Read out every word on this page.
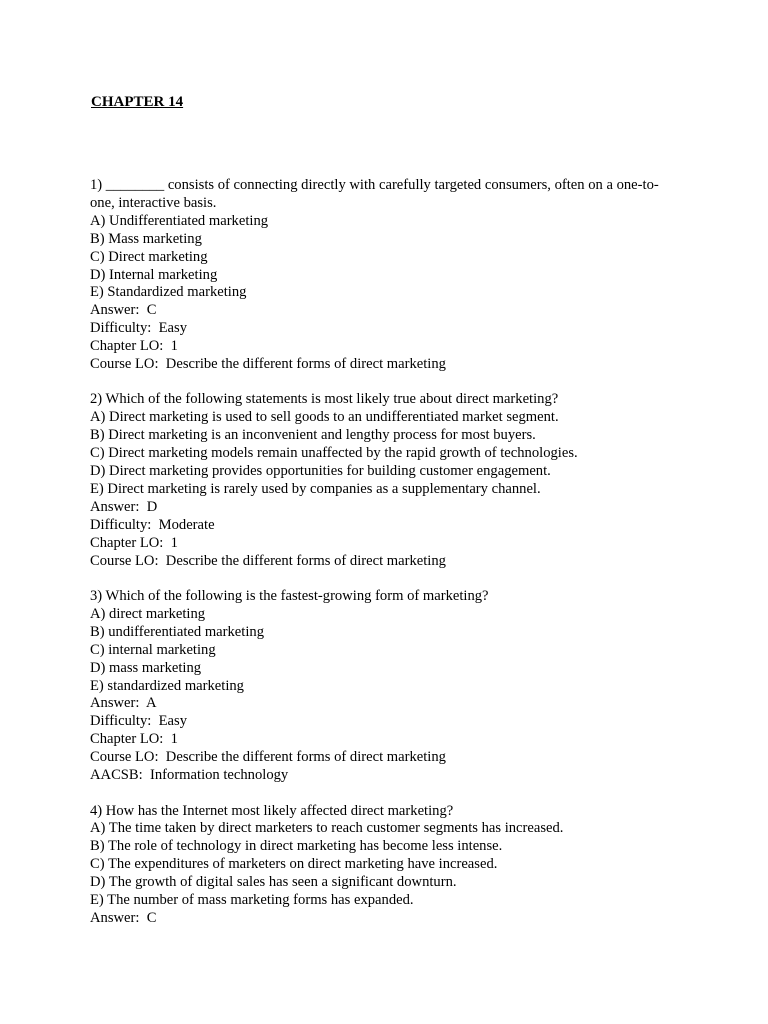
CHAPTER 14

1) ________ consists of connecting directly with carefully targeted consumers, often on a one-to-
one, interactive basis.
A) Undifferentiated marketing
B) Mass marketing
C) Direct marketing
D) Internal marketing
E) Standardized marketing
Answer:  C
Difficulty:  Easy
Chapter LO:  1
Course LO:  Describe the different forms of direct marketing
2) Which of the following statements is most likely true about direct marketing?
A) Direct marketing is used to sell goods to an undifferentiated market segment.
B) Direct marketing is an inconvenient and lengthy process for most buyers.
C) Direct marketing models remain unaffected by the rapid growth of technologies.
D) Direct marketing provides opportunities for building customer engagement.
E) Direct marketing is rarely used by companies as a supplementary channel.
Answer:  D
Difficulty:  Moderate
Chapter LO:  1
Course LO:  Describe the different forms of direct marketing
3) Which of the following is the fastest-growing form of marketing?
A) direct marketing
B) undifferentiated marketing
C) internal marketing
D) mass marketing
E) standardized marketing
Answer:  A
Difficulty:  Easy
Chapter LO:  1
Course LO:  Describe the different forms of direct marketing
AACSB:  Information technology
4) How has the Internet most likely affected direct marketing?
A) The time taken by direct marketers to reach customer segments has increased.
B) The role of technology in direct marketing has become less intense.
C) The expenditures of marketers on direct marketing have increased.
D) The growth of digital sales has seen a significant downturn.
E) The number of mass marketing forms has expanded.
Answer:  C
